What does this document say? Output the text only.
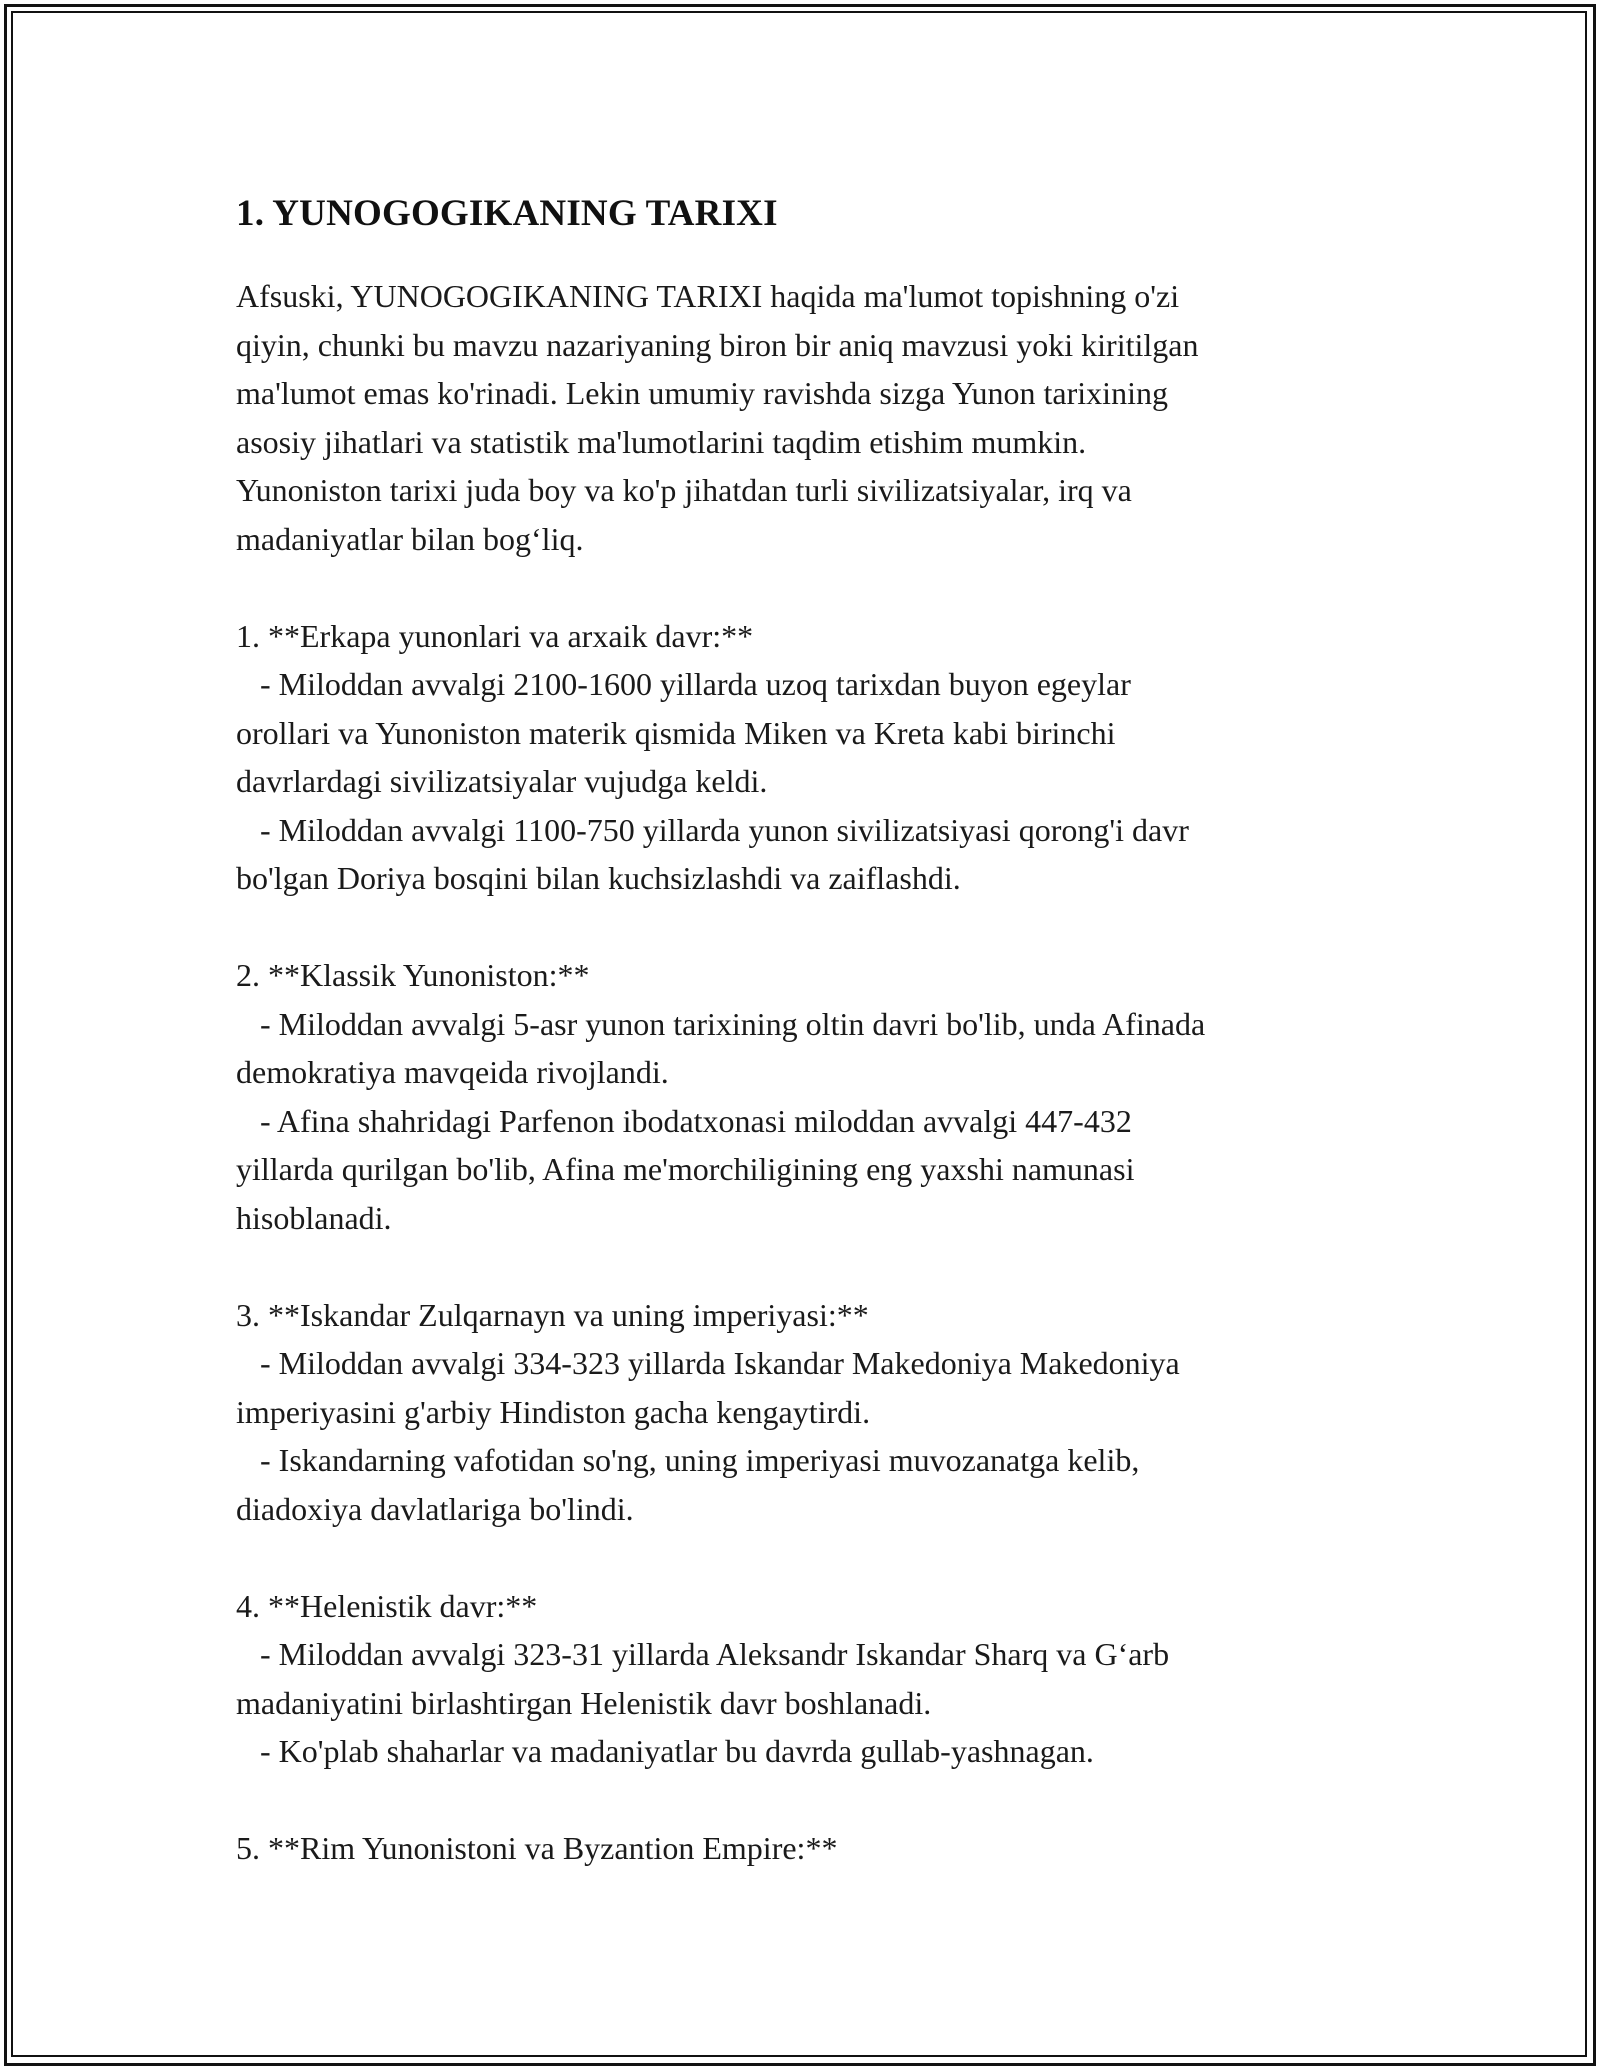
1. YUNOGOGIKANING TARIXI

Afsuski, YUNOGOGIKANING TARIXI haqida ma'lumot topishning o'zi

qiyin, chunki bu mavzu nazariyaning biron bir aniq mavzusi yoki kiritilgan

ma'lumot emas ko'rinadi. Lekin umumiy ravishda sizga Yunon tarixining

asosiy jihatlari va statistik ma'lumotlarini taqdim etishim mumkin.

Yunoniston tarixi juda boy va ko'p jihatdan turli sivilizatsiyalar, irq va

madaniyatlar bilan bog‘liq.

1. **Erkapa yunonlari va arxaik davr:**

- Miloddan avvalgi 2100-1600 yillarda uzoq tarixdan buyon egeylar

orollari va Yunoniston materik qismida Miken va Kreta kabi birinchi

davrlardagi sivilizatsiyalar vujudga keldi.

- Miloddan avvalgi 1100-750 yillarda yunon sivilizatsiyasi qorong'i davr

bo'lgan Doriya bosqini bilan kuchsizlashdi va zaiflashdi.

2. **Klassik Yunoniston:**

- Miloddan avvalgi 5-asr yunon tarixining oltin davri bo'lib, unda Afinada

demokratiya mavqeida rivojlandi.

- Afina shahridagi Parfenon ibodatxonasi miloddan avvalgi 447-432

yillarda qurilgan bo'lib, Afina me'morchiligining eng yaxshi namunasi

hisoblanadi.

3. **Iskandar Zulqarnayn va uning imperiyasi:**

- Miloddan avvalgi 334-323 yillarda Iskandar Makedoniya Makedoniya

imperiyasini g'arbiy Hindiston gacha kengaytirdi.

- Iskandarning vafotidan so'ng, uning imperiyasi muvozanatga kelib,

diadoxiya davlatlariga bo'lindi.

4. **Helenistik davr:**

- Miloddan avvalgi 323-31 yillarda Aleksandr Iskandar Sharq va G‘arb

madaniyatini birlashtirgan Helenistik davr boshlanadi.

- Ko'plab shaharlar va madaniyatlar bu davrda gullab-yashnagan.

5. **Rim Yunonistoni va Byzantion Empire:**
